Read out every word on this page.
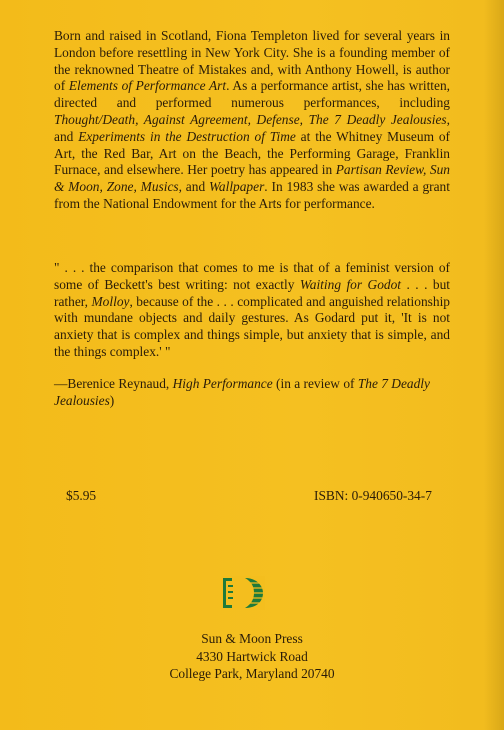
Born and raised in Scotland, Fiona Templeton lived for several years in London before resettling in New York City. She is a founding member of the reknowned Theatre of Mistakes and, with Anthony Howell, is author of Elements of Performance Art. As a performance artist, she has written, directed and performed numerous performances, including Thought/Death, Against Agreement, Defense, The 7 Deadly Jealousies, and Experiments in the Destruction of Time at the Whitney Museum of Art, the Red Bar, Art on the Beach, the Performing Garage, Franklin Furnace, and elsewhere. Her poetry has appeared in Partisan Review, Sun & Moon, Zone, Musics, and Wallpaper. In 1983 she was awarded a grant from the National Endowment for the Arts for performance.

" . . . the comparison that comes to me is that of a feminist version of some of Beckett's best writing: not exactly Waiting for Godot . . . but rather, Molloy, because of the . . . complicated and anguished relationship with mundane objects and daily gestures. As Godard put it, 'It is not anxiety that is complex and things simple, but anxiety that is simple, and the things complex.' "

—Berenice Reynaud, High Performance (in a review of The 7 Deadly Jealousies)

$5.95	ISBN: 0-940650-34-7
Sun & Moon Press
4330 Hartwick Road
College Park, Maryland 20740
